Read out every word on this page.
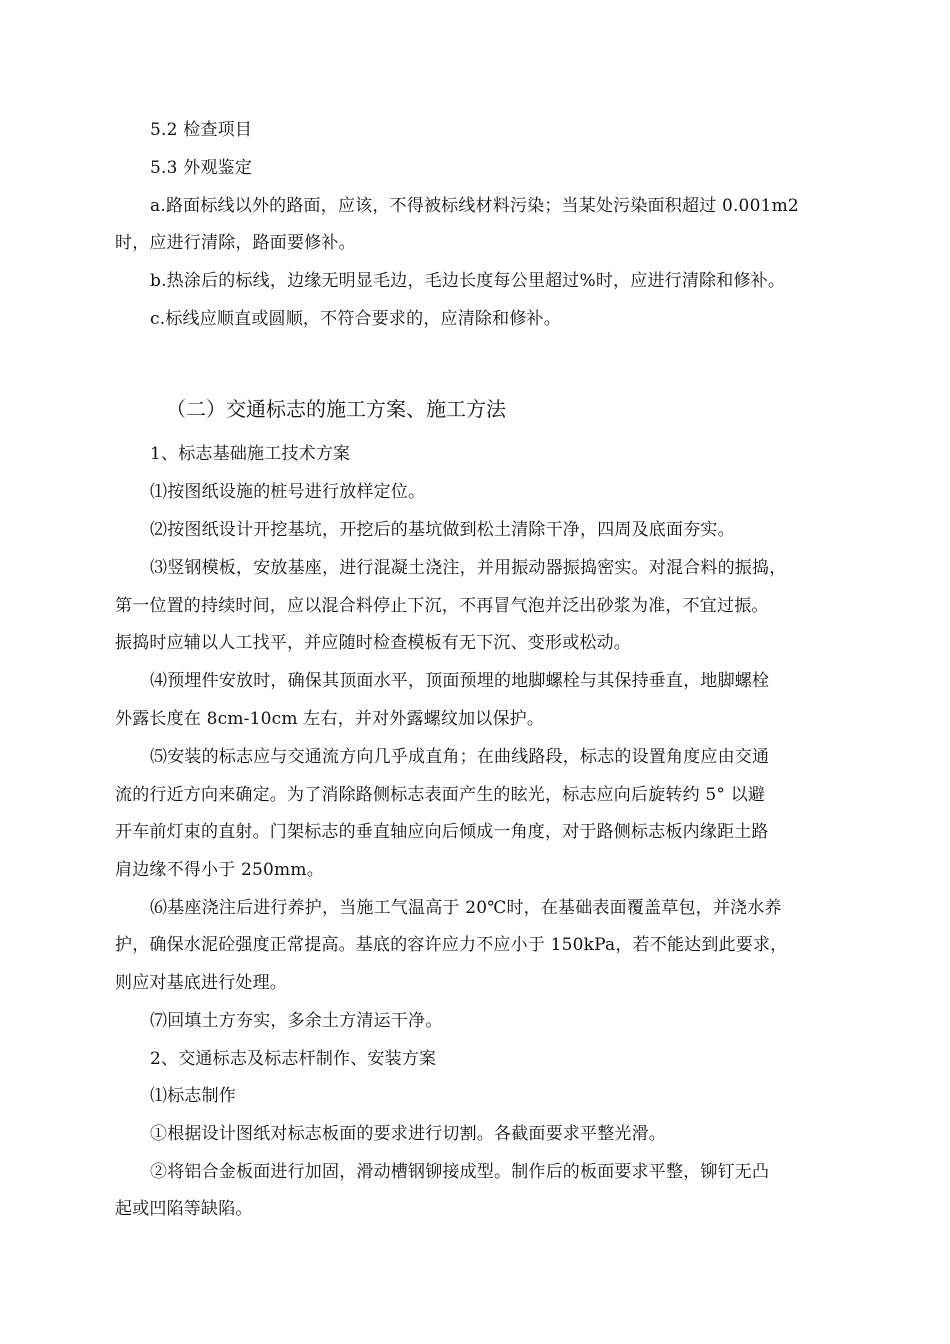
5.2 检查项目
5.3 外观鉴定
a.路面标线以外的路面，应该，不得被标线材料污染；当某处污染面积超过 0.001m2
时，应进行清除，路面要修补。
b.热涂后的标线，边缘无明显毛边，毛边长度每公里超过%时，应进行清除和修补。
c.标线应顺直或圆顺，不符合要求的，应清除和修补。
（二）交通标志的施工方案、施工方法
1、标志基础施工技术方案
⑴按图纸设施的桩号进行放样定位。
⑵按图纸设计开挖基坑，开挖后的基坑做到松土清除干净，四周及底面夯实。
⑶竖钢模板，安放基座，进行混凝土浇注，并用振动器振捣密实。对混合料的振捣，
第一位置的持续时间，应以混合料停止下沉，不再冒气泡并泛出砂浆为准，不宜过振。
振捣时应辅以人工找平，并应随时检查模板有无下沉、变形或松动。
⑷预埋件安放时，确保其顶面水平，顶面预埋的地脚螺栓与其保持垂直，地脚螺栓
外露长度在 8cm-10cm 左右，并对外露螺纹加以保护。
⑸安装的标志应与交通流方向几乎成直角；在曲线路段，标志的设置角度应由交通
流的行近方向来确定。为了消除路侧标志表面产生的眩光，标志应向后旋转约 5° 以避
开车前灯束的直射。门架标志的垂直轴应向后倾成一角度，对于路侧标志板内缘距土路
肩边缘不得小于 250mm。
⑹基座浇注后进行养护，当施工气温高于 20℃时，在基础表面覆盖草包，并浇水养
护，确保水泥砼强度正常提高。基底的容许应力不应小于 150kPa，若不能达到此要求，
则应对基底进行处理。
⑺回填土方夯实，多余土方清运干净。
2、交通标志及标志杆制作、安装方案
⑴标志制作
①根据设计图纸对标志板面的要求进行切割。各截面要求平整光滑。
②将铝合金板面进行加固，滑动槽钢铆接成型。制作后的板面要求平整，铆钉无凸
起或凹陷等缺陷。
